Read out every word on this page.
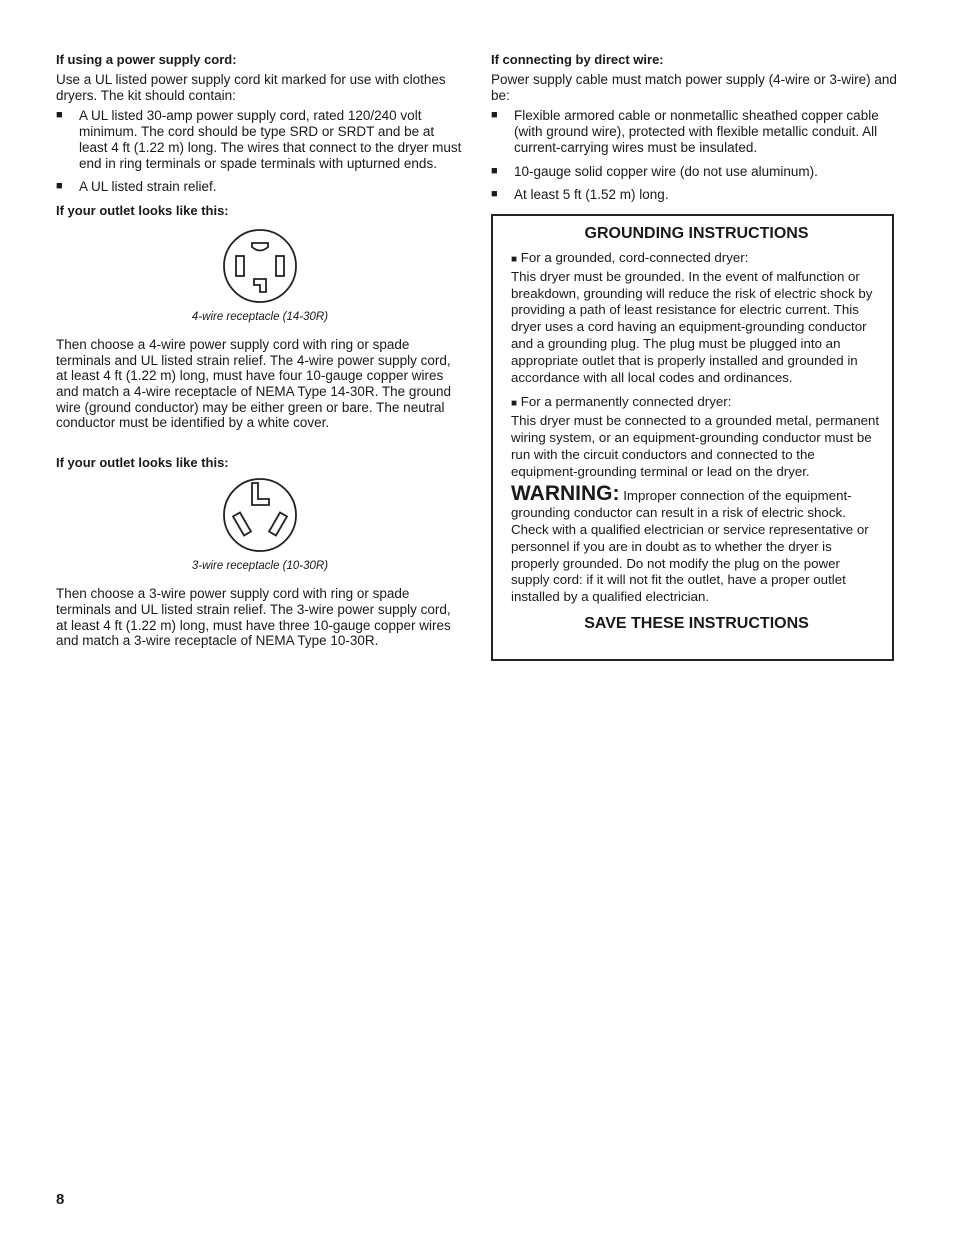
If using a power supply cord:

Use a UL listed power supply cord kit marked for use with clothes dryers. The kit should contain:

■	A UL listed 30-amp power supply cord, rated 120/240 volt minimum. The cord should be type SRD or SRDT and be at least 4 ft (1.22 m) long. The wires that connect to the dryer must end in ring terminals or spade terminals with upturned ends.
■	A UL listed strain relief.
If your outlet looks like this:
4-wire receptacle (14-30R)

Then choose a 4-wire power supply cord with ring or spade terminals and UL listed strain relief. The 4-wire power supply cord, at least 4 ft (1.22 m) long, must have four 10-gauge copper wires and match a 4-wire receptacle of NEMA Type 14-30R. The ground wire (ground conductor) may be either green or bare. The neutral conductor must be identified by a white cover.

If your outlet looks like this:
3-wire receptacle (10-30R)

Then choose a 3-wire power supply cord with ring or spade terminals and UL listed strain relief. The 3-wire power supply cord, at least 4 ft (1.22 m) long, must have three 10-gauge copper wires and match a 3-wire receptacle of NEMA Type 10-30R.

If connecting by direct wire:

Power supply cable must match power supply (4-wire or 3-wire) and be:

■	Flexible armored cable or nonmetallic sheathed copper cable (with ground wire), protected with flexible metallic conduit. All current-carrying wires must be insulated.
■	10-gauge solid copper wire (do not use aluminum).
■	At least 5 ft (1.52 m) long.
GROUNDING INSTRUCTIONS
■ For a grounded, cord-connected dryer:

This dryer must be grounded. In the event of malfunction or breakdown, grounding will reduce the risk of electric shock by providing a path of least resistance for electric current. This dryer uses a cord having an equipment-grounding conductor and a grounding plug. The plug must be plugged into an appropriate outlet that is properly installed and grounded in accordance with all local codes and ordinances.

■ For a permanently connected dryer:

This dryer must be connected to a grounded metal, permanent wiring system, or an equipment-grounding conductor must be run with the circuit conductors and connected to the equipment-grounding terminal or lead on the dryer.

WARNING: Improper connection of the equipment-grounding conductor can result in a risk of electric shock. Check with a qualified electrician or service representative or personnel if you are in doubt as to whether the dryer is properly grounded. Do not modify the plug on the power supply cord: if it will not fit the outlet, have a proper outlet installed by a qualified electrician.

SAVE THESE INSTRUCTIONS
8
